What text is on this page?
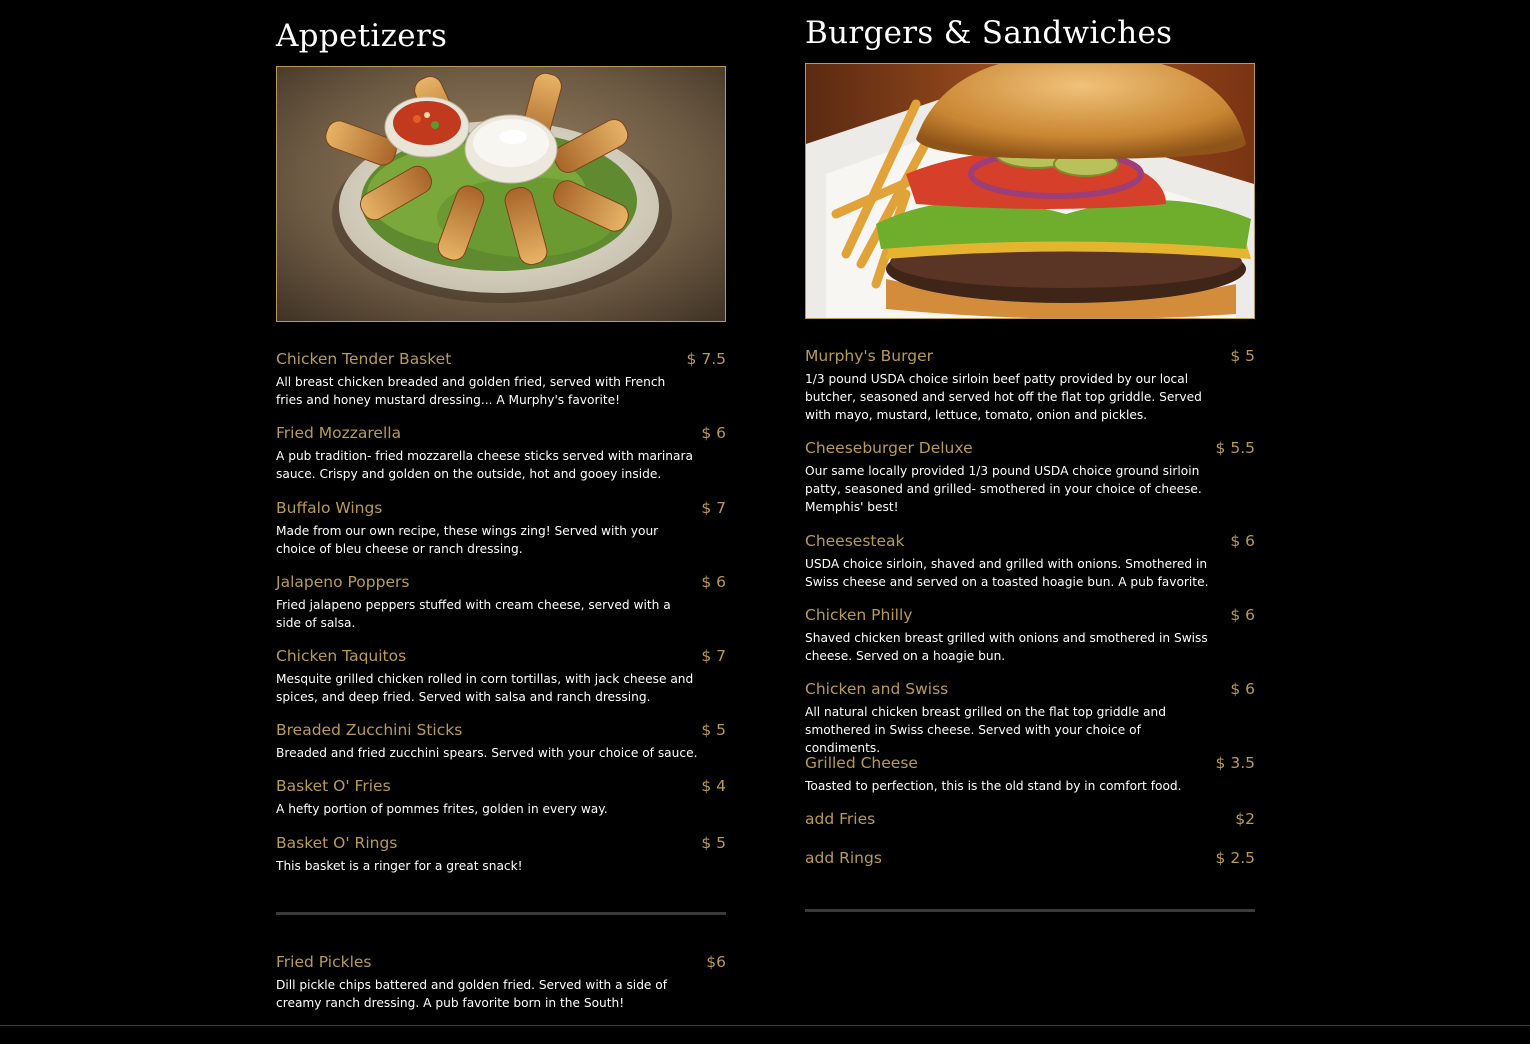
Appetizers
Chicken Tender Basket	$ 7.5
All breast chicken breaded and golden fried, served with French fries and honey mustard dressing... A Murphy's favorite!
Fried Mozzarella	$ 6
A pub tradition- fried mozzarella cheese sticks served with marinara sauce. Crispy and golden on the outside, hot and gooey inside.
Buffalo Wings	$ 7
Made from our own recipe, these wings zing! Served with your choice of bleu cheese or ranch dressing.
Jalapeno Poppers	$ 6
Fried jalapeno peppers stuffed with cream cheese, served with a side of salsa.
Chicken Taquitos	$ 7
Mesquite grilled chicken rolled in corn tortillas, with jack cheese and spices, and deep fried. Served with salsa and ranch dressing.
Breaded Zucchini Sticks	$ 5
Breaded and fried zucchini spears. Served with your choice of sauce.
Basket O' Fries	$ 4
A hefty portion of pommes frites, golden in every way.
Basket O' Rings	$ 5
This basket is a ringer for a great snack!
Fried Pickles	$6
Dill pickle chips battered and golden fried. Served with a side of creamy ranch dressing. A pub favorite born in the South!
Burgers & Sandwiches
Murphy's Burger	$ 5
1/3 pound USDA choice sirloin beef patty provided by our local butcher, seasoned and served hot off the flat top griddle. Served with mayo, mustard, lettuce, tomato, onion and pickles.
Cheeseburger Deluxe	$ 5.5
Our same locally provided 1/3 pound USDA choice ground sirloin patty, seasoned and grilled- smothered in your choice of cheese. Memphis' best!
Cheesesteak	$ 6
USDA choice sirloin, shaved and grilled with onions. Smothered in Swiss cheese and served on a toasted hoagie bun. A pub favorite.
Chicken Philly	$ 6
Shaved chicken breast grilled with onions and smothered in Swiss cheese. Served on a hoagie bun.
Chicken and Swiss	$ 6
All natural chicken breast grilled on the flat top griddle and smothered in Swiss cheese. Served with your choice of condiments.
Grilled Cheese	$ 3.5
Toasted to perfection, this is the old stand by in comfort food.
add Fries	$2
add Rings	$ 2.5
